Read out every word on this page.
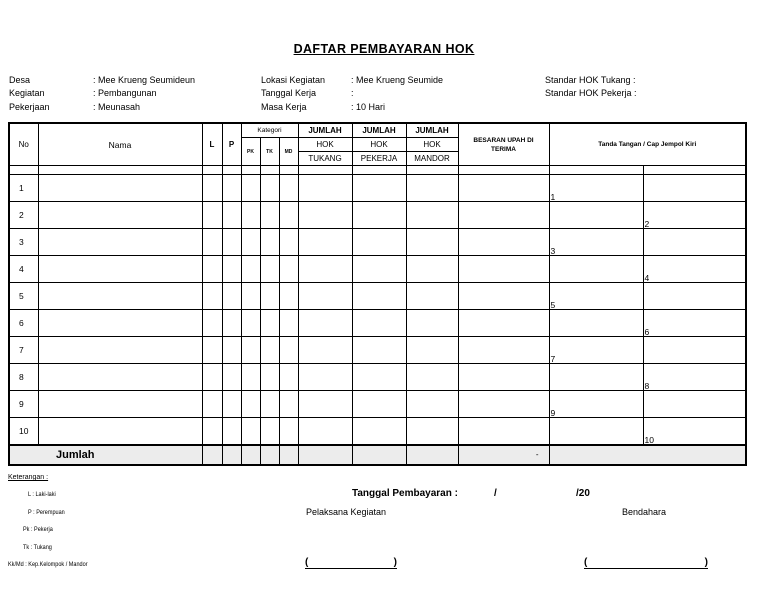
DAFTAR PEMBAYARAN HOK
Desa	: Mee Krueng Seumideun
Kegiatan	: Pembangunan
Pekerjaan	: Meunasah
Lokasi Kegiatan	: Mee Krueng Seumide
Tanggal Kerja	:
Masa Kerja	: 10 Hari
Standar HOK Tukang :
Standar HOK Pekerja :
No	Nama	L	P	Kategori			JUMLAH	JUMLAH	JUMLAH	BESARAN UPAH DI TERIMA	Tanda Tangan / Cap Jempol Kiri	
				PK	TK	MD	HOK	HOK	HOK			
							TUKANG	PEKERJA	MANDOR			

1											1	

2												2

3											3	

4												4

5											5	

6												6

7											7	

8												8

9											9	

10												10

Jumlah										-		
Keterangan :
L : Laki-laki
P : Perempuan
Pk : Pekerja
Tk : Tukang
Kk/Md : Kep.Kelompok / Mandor
Tanggal Pembayaran :	/	/20
Pelaksana Kegiatan	Bendahara
(	)
	(	)
